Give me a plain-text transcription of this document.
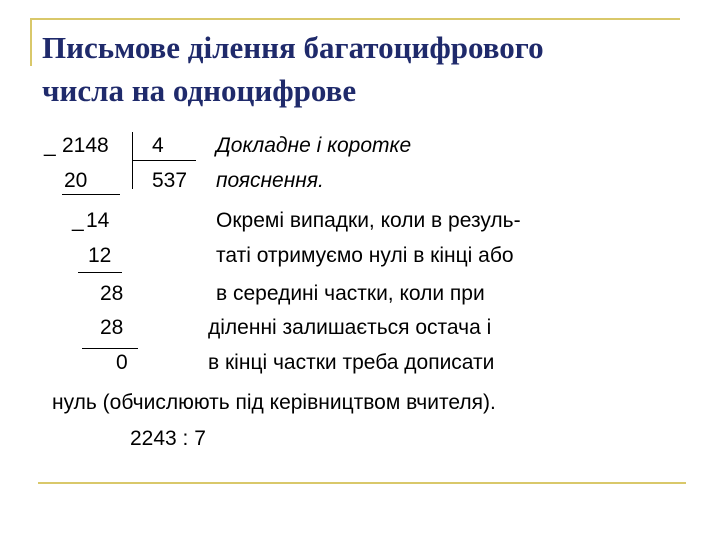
Письмове ділення багатоцифрового
числа на одноцифрове
_ 2148 4
20	537
_ 14
12
28
28
0
Докладне і коротке
пояснення.
Окремі випадки, коли в резуль-
таті отримуємо нулі в кінці або
в середині частки, коли при
діленні залишається остача і
в кінці частки треба дописати
нуль (обчислюють під керівництвом вчителя).
2243 : 7
